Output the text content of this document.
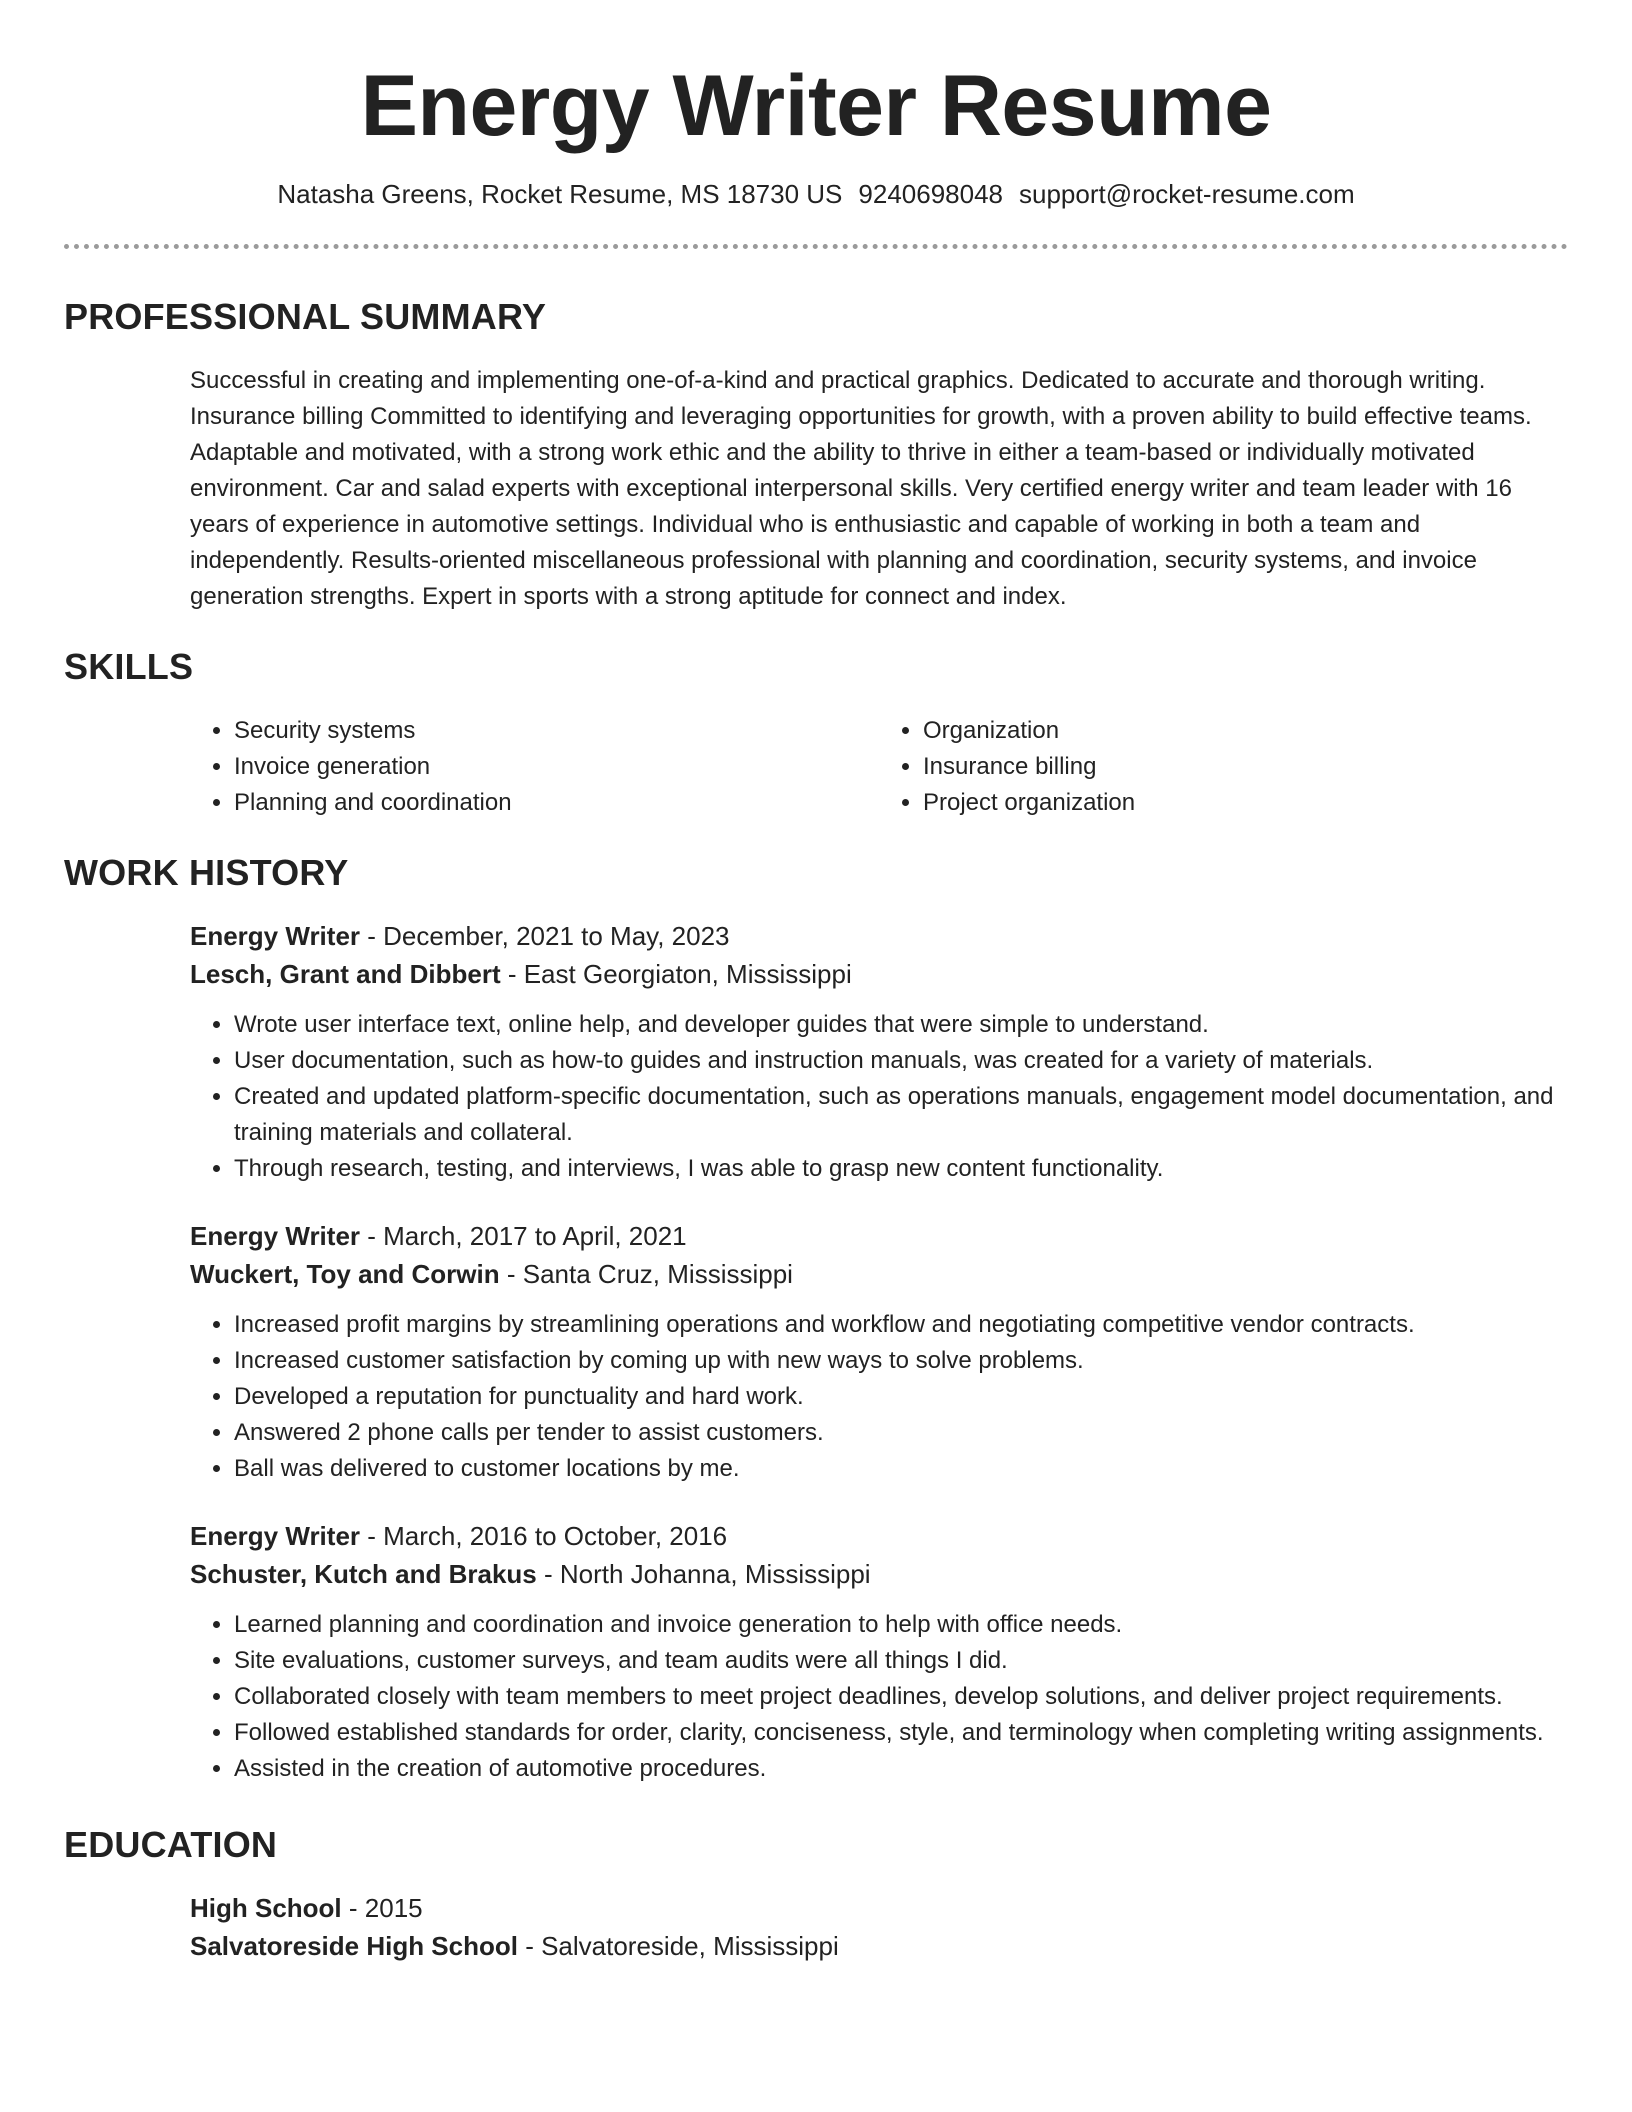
Energy Writer Resume
Natasha Greens, Rocket Resume, MS 18730 US 9240698048 support@rocket-resume.com
PROFESSIONAL SUMMARY

Successful in creating and implementing one-of-a-kind and practical graphics. Dedicated to accurate and thorough writing. Insurance billing Committed to identifying and leveraging opportunities for growth, with a proven ability to build effective teams. Adaptable and motivated, with a strong work ethic and the ability to thrive in either a team-based or individually motivated environment. Car and salad experts with exceptional interpersonal skills. Very certified energy writer and team leader with 16 years of experience in automotive settings. Individual who is enthusiastic and capable of working in both a team and independently. Results-oriented miscellaneous professional with planning and coordination, security systems, and invoice generation strengths. Expert in sports with a strong aptitude for connect and index.

SKILLS
• Security systems
• Invoice generation
• Planning and coordination
• Organization
• Insurance billing
• Project organization
WORK HISTORY
Energy Writer - December, 2021 to May, 2023
Lesch, Grant and Dibbert - East Georgiaton, Mississippi
• Wrote user interface text, online help, and developer guides that were simple to understand.
• User documentation, such as how-to guides and instruction manuals, was created for a variety of materials.
• Created and updated platform-specific documentation, such as operations manuals, engagement model documentation, and training materials and collateral.
• Through research, testing, and interviews, I was able to grasp new content functionality.
Energy Writer - March, 2017 to April, 2021
Wuckert, Toy and Corwin - Santa Cruz, Mississippi
• Increased profit margins by streamlining operations and workflow and negotiating competitive vendor contracts.
• Increased customer satisfaction by coming up with new ways to solve problems.
• Developed a reputation for punctuality and hard work.
• Answered 2 phone calls per tender to assist customers.
• Ball was delivered to customer locations by me.
Energy Writer - March, 2016 to October, 2016
Schuster, Kutch and Brakus - North Johanna, Mississippi
• Learned planning and coordination and invoice generation to help with office needs.
• Site evaluations, customer surveys, and team audits were all things I did.
• Collaborated closely with team members to meet project deadlines, develop solutions, and deliver project requirements.
• Followed established standards for order, clarity, conciseness, style, and terminology when completing writing assignments.
• Assisted in the creation of automotive procedures.
EDUCATION
High School - 2015
Salvatoreside High School - Salvatoreside, Mississippi
